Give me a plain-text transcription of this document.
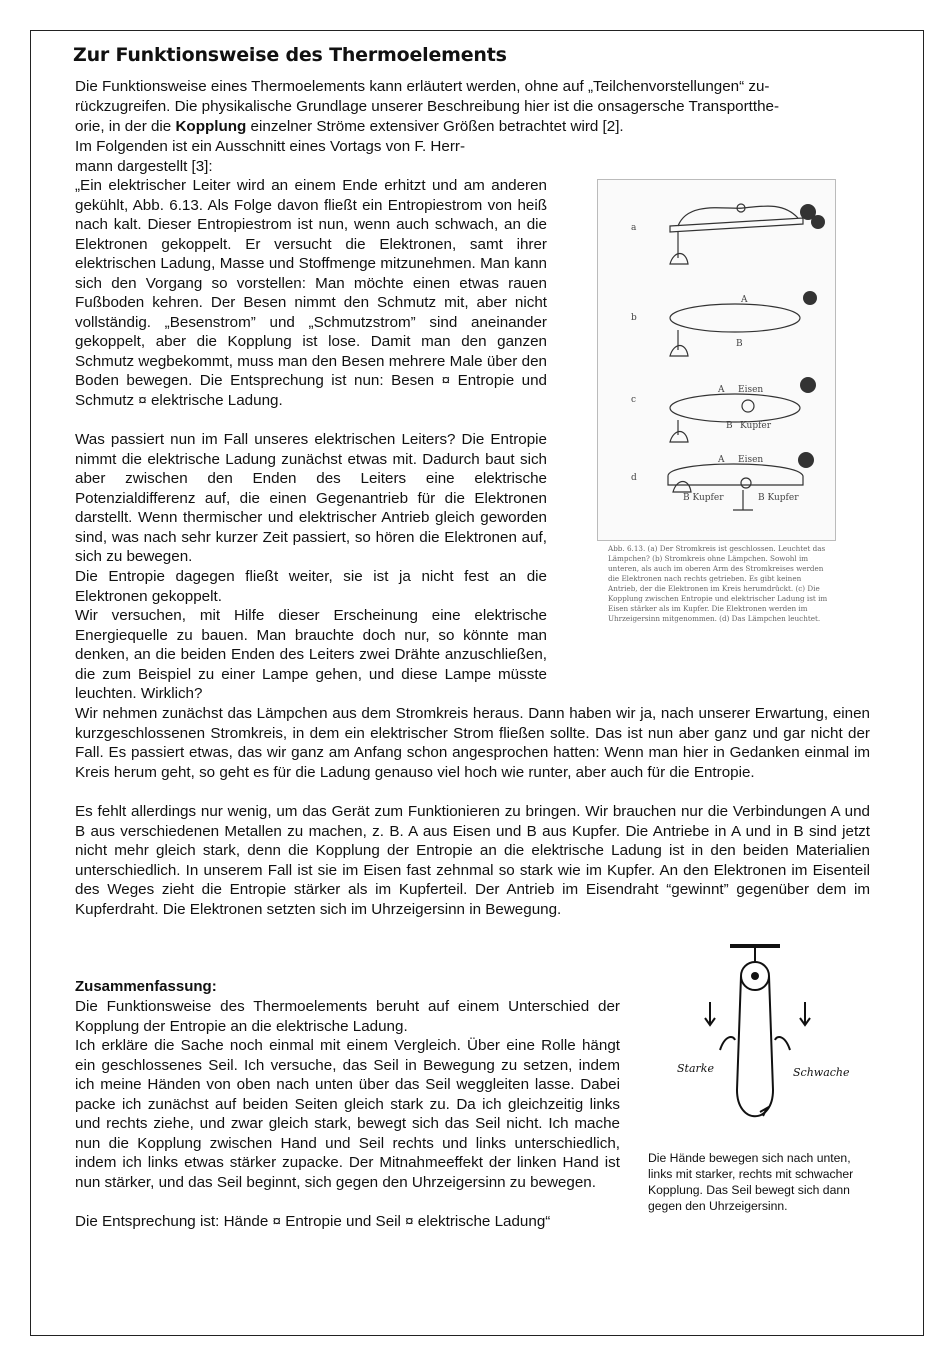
Zur Funktionsweise des Thermoelements

Die Funktionsweise eines Thermoelements kann erläutert werden, ohne auf „Teilchenvorstellungen“ zu-

rückzugreifen. Die physikalische Grundlage unserer Beschreibung hier ist die onsagersche Transportthe-

orie, in der die Kopplung einzelner Ströme extensiver Größen betrachtet wird [2].

Im Folgenden ist ein Ausschnitt eines Vortags von F. Herr-

mann dargestellt [3]:

„Ein elektrischer Leiter wird an einem Ende erhitzt und am anderen gekühlt, Abb. 6.13. Als Folge davon fließt ein Entropiestrom von heiß nach kalt. Dieser Entropiestrom ist nun, wenn auch schwach, an die Elektronen gekoppelt. Er versucht die Elektronen, samt ihrer elektrischen Ladung, Masse und Stoffmenge mitzunehmen. Man kann sich den Vorgang so vorstellen: Man möchte einen etwas rauen Fußboden kehren. Der Besen nimmt den Schmutz mit, aber nicht vollständig. „Besenstrom” und „Schmutzstrom” sind aneinander gekoppelt, aber die Kopplung ist lose. Damit man den ganzen Schmutz wegbekommt, muss man den Besen mehrere Male über den Boden bewegen. Die Entsprechung ist nun: Besen ¤ Entropie und Schmutz ¤ elektrische Ladung.

Was passiert nun im Fall unseres elektrischen Leiters? Die Entropie nimmt die elektrische Ladung zunächst etwas mit. Dadurch baut sich aber zwischen den Enden des Leiters eine elektrische Potenzialdifferenz auf, die einen Gegenantrieb für die Elektronen darstellt. Wenn thermischer und elektrischer Antrieb gleich geworden sind, was nach sehr kurzer Zeit passiert, so hören die Elektronen auf, sich zu bewegen.

Die Entropie dagegen fließt weiter, sie ist ja nicht fest an die Elektronen gekoppelt.

Wir versuchen, mit Hilfe dieser Erscheinung eine elektrische Energiequelle zu bauen. Man brauchte doch nur, so könnte man denken, an die beiden Enden des Leiters zwei Drähte anzuschließen, die zum Beispiel zu einer Lampe gehen, und diese Lampe müsste leuchten. Wirklich?

Wir nehmen zunächst das Lämpchen aus dem Stromkreis heraus. Dann haben wir ja, nach unserer Erwartung, einen kurzgeschlossenen Stromkreis, in dem ein elektrischer Strom fließen sollte. Das ist nun aber ganz und gar nicht der Fall. Es passiert etwas, das wir ganz am Anfang schon angesprochen hatten: Wenn man hier in Gedanken einmal im Kreis herum geht, so geht es für die Ladung genauso viel hoch wie runter, aber auch für die Entropie.

Es fehlt allerdings nur wenig, um das Gerät zum Funktionieren zu bringen. Wir brauchen nur die Verbindungen A und B aus verschiedenen Metallen zu machen, z. B. A aus Eisen und B aus Kupfer. Die Antriebe in A und in B sind jetzt nicht mehr gleich stark, denn die Kopplung der Entropie an die elektrische Ladung ist in den beiden Materialien unterschiedlich. In unserem Fall ist sie im Eisen fast zehnmal so stark wie im Kupfer. An den Elektronen im Eisenteil des Weges zieht die Entropie stärker als im Kupferteil. Der Antrieb im Eisendraht “gewinnt” gegenüber dem im Kupferdraht. Die Elektronen setzten sich im Uhrzeigersinn in Bewegung.

a
b
c
d
A
B
A Eisen
B Kupfer
A Eisen
B Kupfer	B Kupfer
Abb. 6.13. (a) Der Stromkreis ist geschlossen. Leuchtet das Lämpchen? (b) Stromkreis ohne Lämpchen. Sowohl im unteren, als auch im oberen Arm des Stromkreises werden die Elektronen nach rechts getrieben. Es gibt keinen Antrieb, der die Elektronen im Kreis herumdrückt. (c) Die Kopplung zwischen Entropie und elektrischer Ladung ist im Eisen stärker als im Kupfer. Die Elektronen werden im Uhrzeigersinn mitgenommen. (d) Das Lämpchen leuchtet.
Zusammenfassung:

Die Funktionsweise des Thermoelements beruht auf einem Unterschied der Kopplung der Entropie an die elektrische Ladung.

Ich erkläre die Sache noch einmal mit einem Vergleich. Über eine Rolle hängt ein geschlossenes Seil. Ich versuche, das Seil in Bewegung zu setzen, indem ich meine Händen von oben nach unten über das Seil weggleiten lasse. Dabei packe ich zunächst auf beiden Seiten gleich stark zu. Da ich gleichzeitig links und rechts ziehe, und zwar gleich stark, bewegt sich das Seil nicht. Ich mache nun die Kopplung zwischen Hand und Seil rechts und links unterschiedlich, indem ich links etwas stärker zupacke. Der Mitnahmeeffekt der linken Hand ist nun stärker, und das Seil beginnt, sich gegen den Uhrzeigersinn zu bewegen.

Die Entsprechung ist: Hände ¤ Entropie und Seil ¤ elektrische Ladung“

Starke	Schwache
Die Hände bewegen sich nach unten, links mit starker, rechts mit schwacher Kopplung. Das Seil bewegt sich dann gegen den Uhrzeigersinn.
